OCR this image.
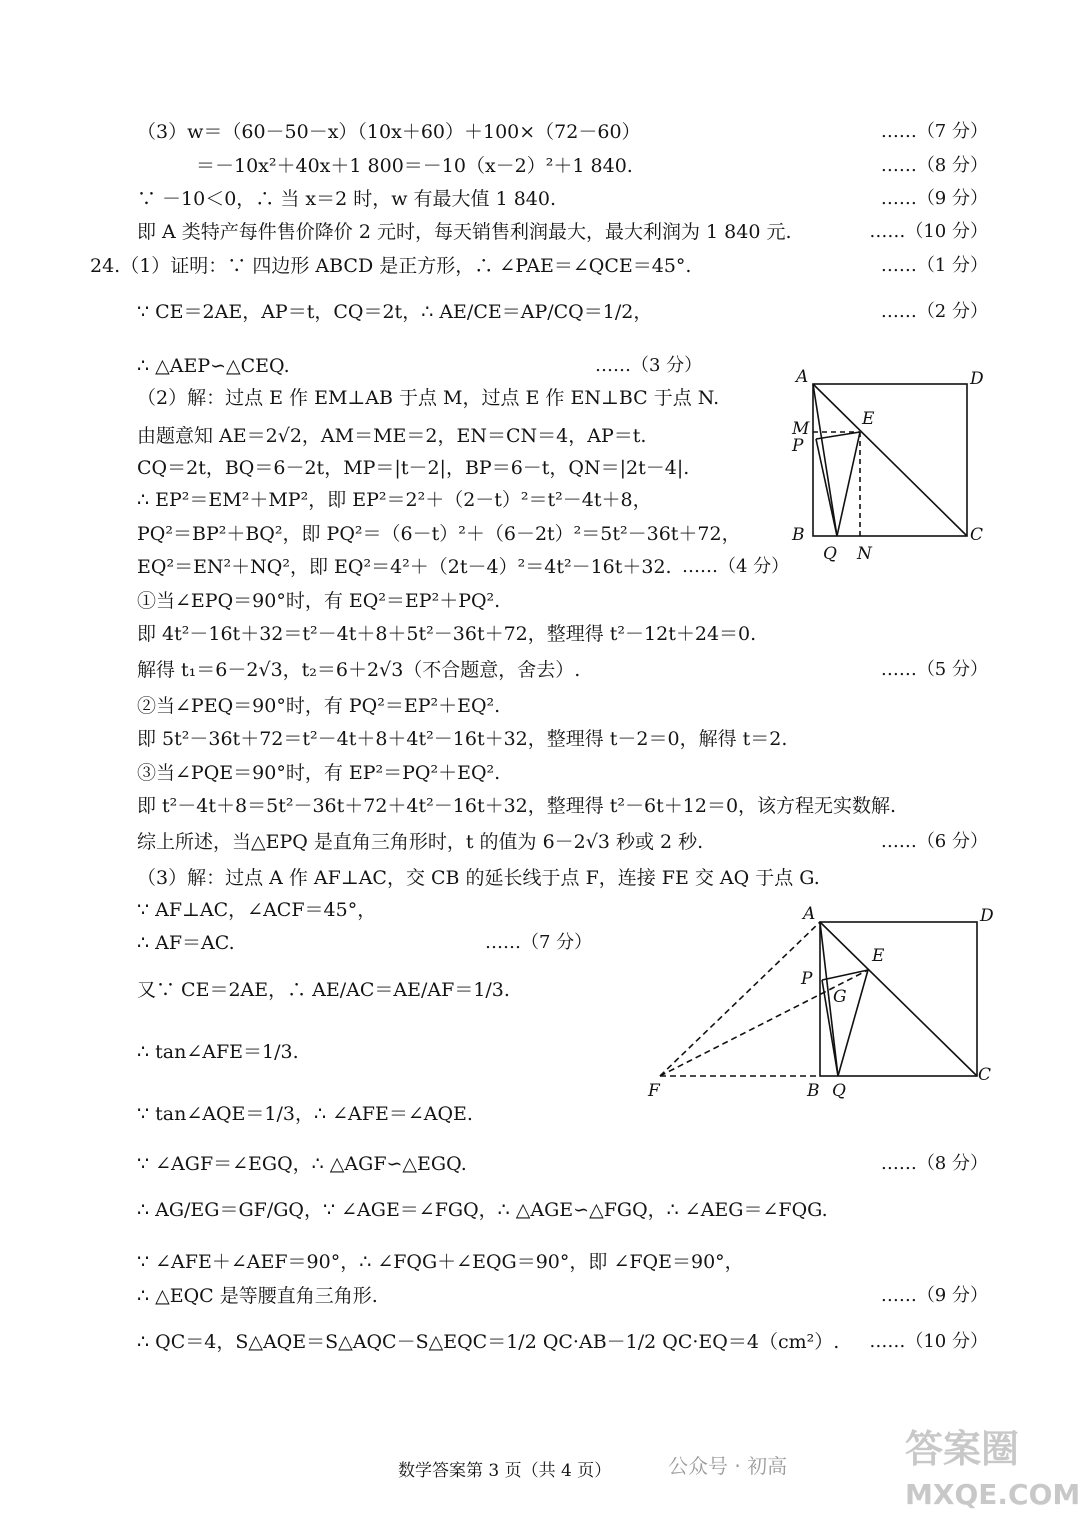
（3）w＝（60－50－x）（10x＋60）＋100×（72－60）	……（7 分）
＝－10x²＋40x＋1 800＝－10（x－2）²＋1 840.	……（8 分）
∵ －10＜0，∴ 当 x＝2 时，w 有最大值 1 840.	……（9 分）
即 A 类特产每件售价降价 2 元时，每天销售利润最大，最大利润为 1 840 元.	……（10 分）
24.（1）证明：∵ 四边形 ABCD 是正方形，∴ ∠PAE＝∠QCE＝45°.	……（1 分）
∵ CE＝2AE，AP＝t，CQ＝2t，∴ AE/CE＝AP/CQ＝1/2，	……（2 分）
∴ △AEP∽△CEQ.	……（3 分）
（2）解：过点 E 作 EM⊥AB 于点 M，过点 E 作 EN⊥BC 于点 N.
由题意知 AE＝2√2，AM＝ME＝2，EN＝CN＝4，AP＝t.
CQ＝2t，BQ＝6－2t，MP＝|t－2|，BP＝6－t，QN＝|2t－4|.
∴ EP²＝EM²＋MP²，即 EP²＝2²＋（2－t）²＝t²－4t＋8，
PQ²＝BP²＋BQ²，即 PQ²＝（6－t）²＋（6－2t）²＝5t²－36t＋72，
EQ²＝EN²＋NQ²，即 EQ²＝4²＋（2t－4）²＝4t²－16t＋32. ……（4 分）
①当∠EPQ＝90°时，有 EQ²＝EP²＋PQ².
即 4t²－16t＋32＝t²－4t＋8＋5t²－36t＋72，整理得 t²－12t＋24＝0.
解得 t₁＝6－2√3，t₂＝6＋2√3（不合题意，舍去）.	……（5 分）
②当∠PEQ＝90°时，有 PQ²＝EP²＋EQ².
即 5t²－36t＋72＝t²－4t＋8＋4t²－16t＋32，整理得 t－2＝0，解得 t＝2.
③当∠PQE＝90°时，有 EP²＝PQ²＋EQ².
即 t²－4t＋8＝5t²－36t＋72＋4t²－16t＋32，整理得 t²－6t＋12＝0，该方程无实数解.
综上所述，当△EPQ 是直角三角形时，t 的值为 6－2√3 秒或 2 秒.	……（6 分）
（3）解：过点 A 作 AF⊥AC，交 CB 的延长线于点 F，连接 FE 交 AQ 于点 G.
∵ AF⊥AC，∠ACF＝45°，
∴ AF＝AC.	……（7 分）
又∵ CE＝2AE，∴ AE/AC＝AE/AF＝1/3.
∴ tan∠AFE＝1/3.
∵ tan∠AQE＝1/3，∴ ∠AFE＝∠AQE.
∵ ∠AGF＝∠EGQ，∴ △AGF∽△EGQ.	……（8 分）
∴ AG/EG＝GF/GQ，∵ ∠AGE＝∠FGQ，∴ △AGE∽△FGQ，∴ ∠AEG＝∠FQG.
∵ ∠AFE＋∠AEF＝90°，∴ ∠FQG＋∠EQG＝90°，即 ∠FQE＝90°，
∴ △EQC 是等腰直角三角形.	……（9 分）
∴ QC＝4，S△AQE＝S△AQC－S△EQC＝1/2 QC·AB－1/2 QC·EQ＝4（cm²）. ……（10 分）
A	D
M
P
E
B
Q N
C
A	D
E
P
G
F	B Q
C
数学答案第 3 页（共 4 页）	公众号 · 初高	答案圈
MXQE.COM
